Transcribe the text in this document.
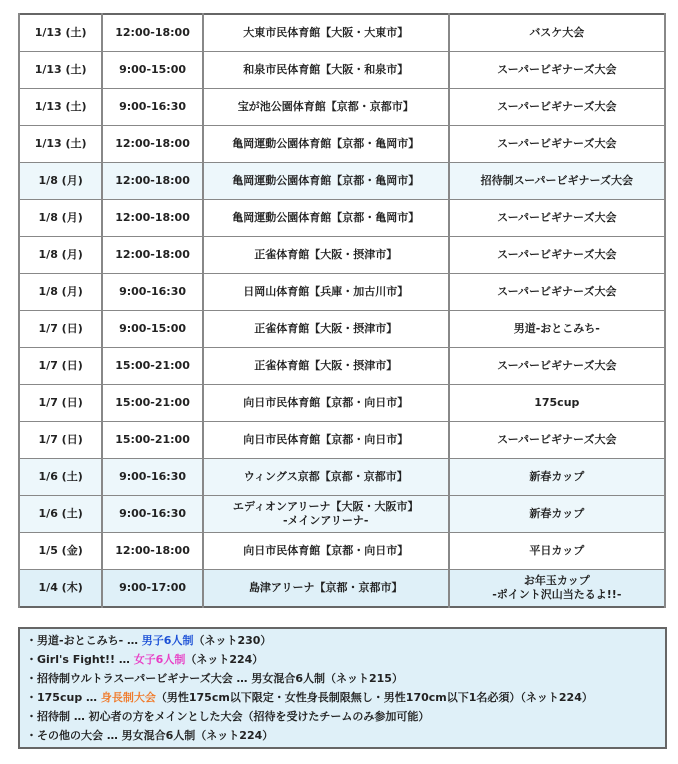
1/13 (土)	12:00-18:00	大東市民体育館【大阪・大東市】	バスケ大会

1/13 (土)	9:00-15:00	和泉市民体育館【大阪・和泉市】	スーパービギナーズ大会

1/13 (土)	9:00-16:30	宝が池公園体育館【京都・京都市】	スーパービギナーズ大会

1/13 (土)	12:00-18:00	亀岡運動公園体育館【京都・亀岡市】	スーパービギナーズ大会

1/8 (月)	12:00-18:00	亀岡運動公園体育館【京都・亀岡市】	招待制スーパービギナーズ大会

1/8 (月)	12:00-18:00	亀岡運動公園体育館【京都・亀岡市】	スーパービギナーズ大会

1/8 (月)	12:00-18:00	正雀体育館【大阪・摂津市】	スーパービギナーズ大会

1/8 (月)	9:00-16:30	日岡山体育館【兵庫・加古川市】	スーパービギナーズ大会

1/7 (日)	9:00-15:00	正雀体育館【大阪・摂津市】	男道-おとこみち-

1/7 (日)	15:00-21:00	正雀体育館【大阪・摂津市】	スーパービギナーズ大会

1/7 (日)	15:00-21:00	向日市民体育館【京都・向日市】	175cup

1/7 (日)	15:00-21:00	向日市民体育館【京都・向日市】	スーパービギナーズ大会

1/6 (土)	9:00-16:30	ウィングス京都【京都・京都市】	新春カップ

1/6 (土)	9:00-16:30	エディオンアリーナ【大阪・大阪市】
-メインアリーナ-	新春カップ

1/5 (金)	12:00-18:00	向日市民体育館【京都・向日市】	平日カップ

1/4 (木)	9:00-17:00	島津アリーナ【京都・京都市】	お年玉カップ
-ポイント沢山当たるよ!!-
・男道-おとこみち- … 男子6人制（ネット230）
・Girl's Fight!! … 女子6人制（ネット224）
・招待制ウルトラスーパービギナーズ大会 … 男女混合6人制（ネット215）
・175cup … 身長制大会（男性175cm以下限定・女性身長制限無し・男性170cm以下1名必須）（ネット224）
・招待制 … 初心者の方をメインとした大会（招待を受けたチームのみ参加可能）
・その他の大会 … 男女混合6人制（ネット224）
